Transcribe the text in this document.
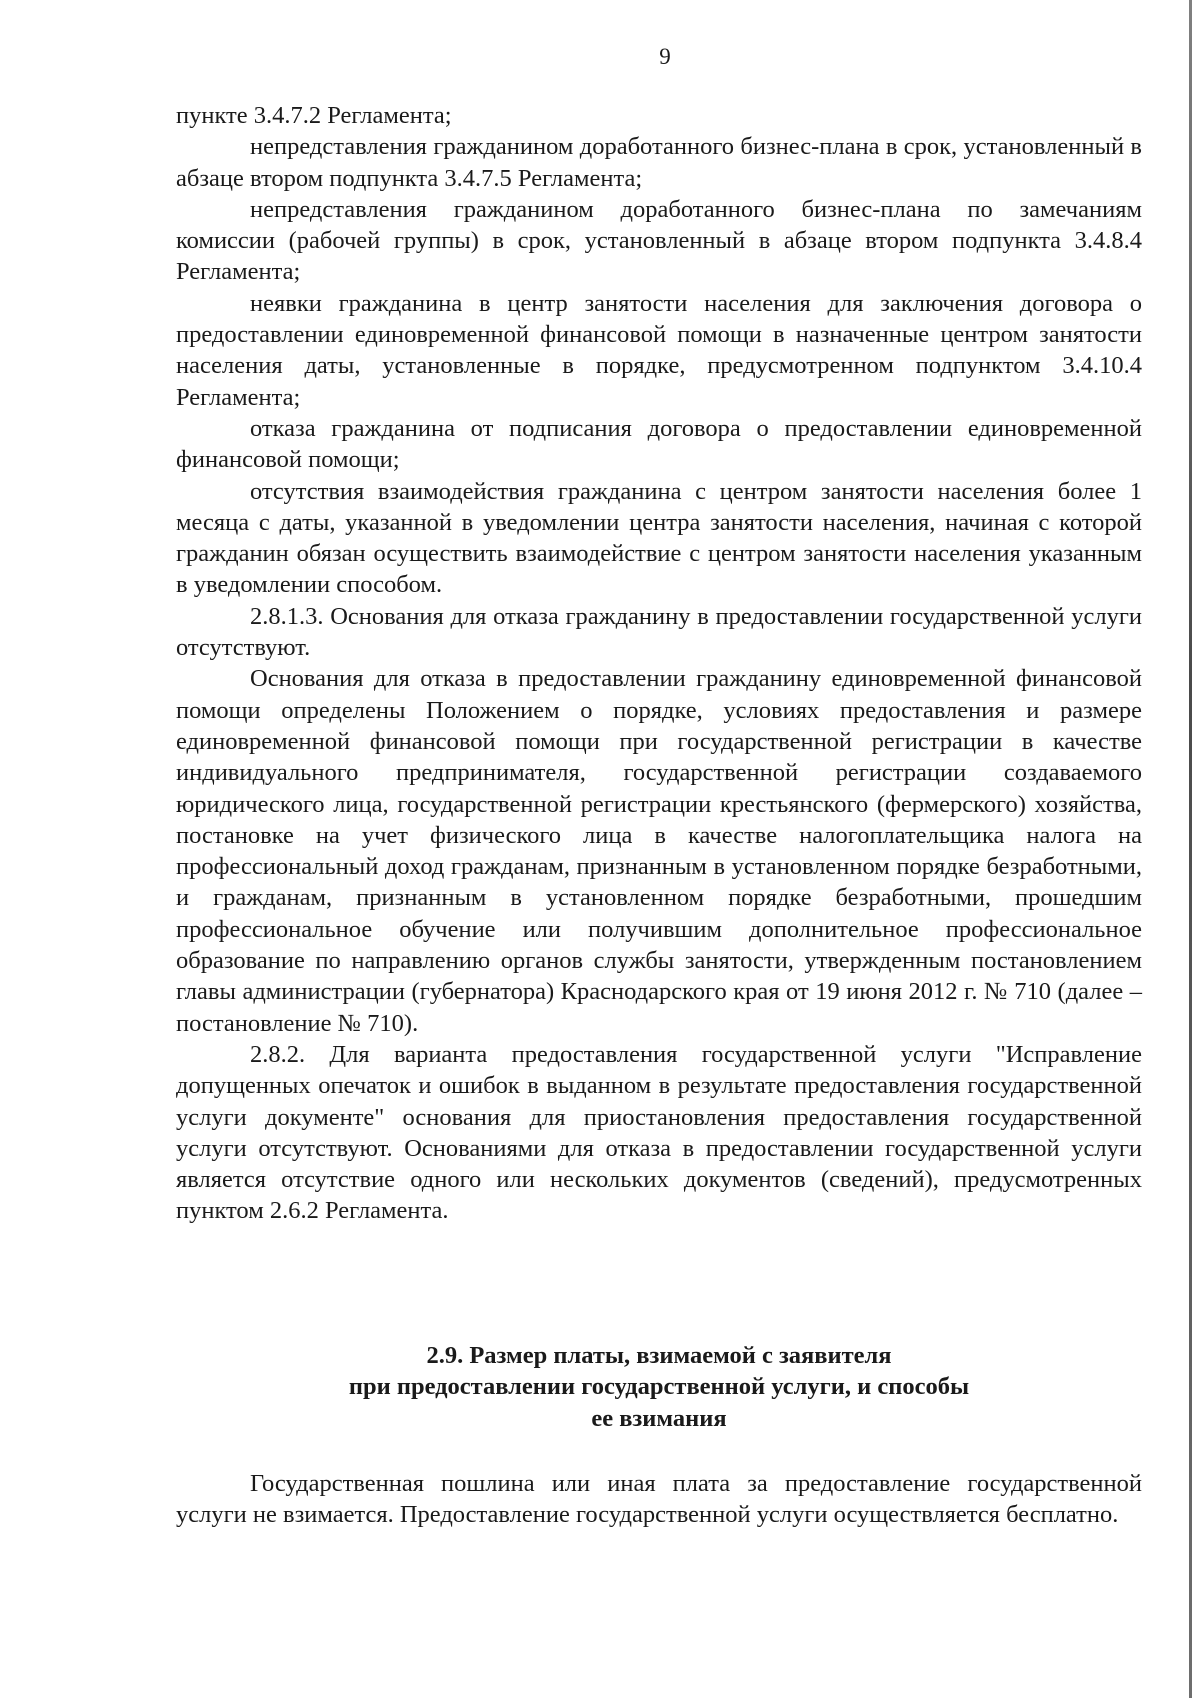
9

пункте 3.4.7.2 Регламента;

непредставления гражданином доработанного бизнес-плана в срок, установленный в абзаце втором подпункта 3.4.7.5 Регламента;

непредставления гражданином доработанного бизнес-плана по замечаниям комиссии (рабочей группы) в срок, установленный в абзаце втором подпункта 3.4.8.4 Регламента;

неявки гражданина в центр занятости населения для заключения договора о предоставлении единовременной финансовой помощи в назначенные центром занятости населения даты, установленные в порядке, предусмотренном подпунктом 3.4.10.4 Регламента;

отказа гражданина от подписания договора о предоставлении единовременной финансовой помощи;

отсутствия взаимодействия гражданина с центром занятости населения более 1 месяца с даты, указанной в уведомлении центра занятости населения, начиная с которой гражданин обязан осуществить взаимодействие с центром занятости населения указанным в уведомлении способом.

2.8.1.3. Основания для отказа гражданину в предоставлении государственной услуги отсутствуют.

Основания для отказа в предоставлении гражданину единовременной финансовой помощи определены Положением о порядке, условиях предоставления и размере единовременной финансовой помощи при государственной регистрации в качестве индивидуального предпринимателя, государственной регистрации создаваемого юридического лица, государственной регистрации крестьянского (фермерского) хозяйства, постановке на учет физического лица в качестве налогоплательщика налога на профессиональный доход гражданам, признанным в установленном порядке безработными, и гражданам, признанным в установленном порядке безработными, прошедшим профессиональное обучение или получившим дополнительное профессиональное образование по направлению органов службы занятости, утвержденным постановлением главы администрации (губернатора) Краснодарского края от 19 июня 2012 г. № 710 (далее – постановление № 710).

2.8.2. Для варианта предоставления государственной услуги "Исправление допущенных опечаток и ошибок в выданном в результате предоставления государственной услуги документе" основания для приостановления предоставления государственной услуги отсутствуют. Основаниями для отказа в предоставлении государственной услуги является отсутствие одного или нескольких документов (сведений), предусмотренных пунктом 2.6.2 Регламента.

2.9. Размер платы, взимаемой с заявителя
при предоставлении государственной услуги, и способы
ее взимания

Государственная пошлина или иная плата за предоставление государственной услуги не взимается. Предоставление государственной услуги осуществляется бесплатно.
